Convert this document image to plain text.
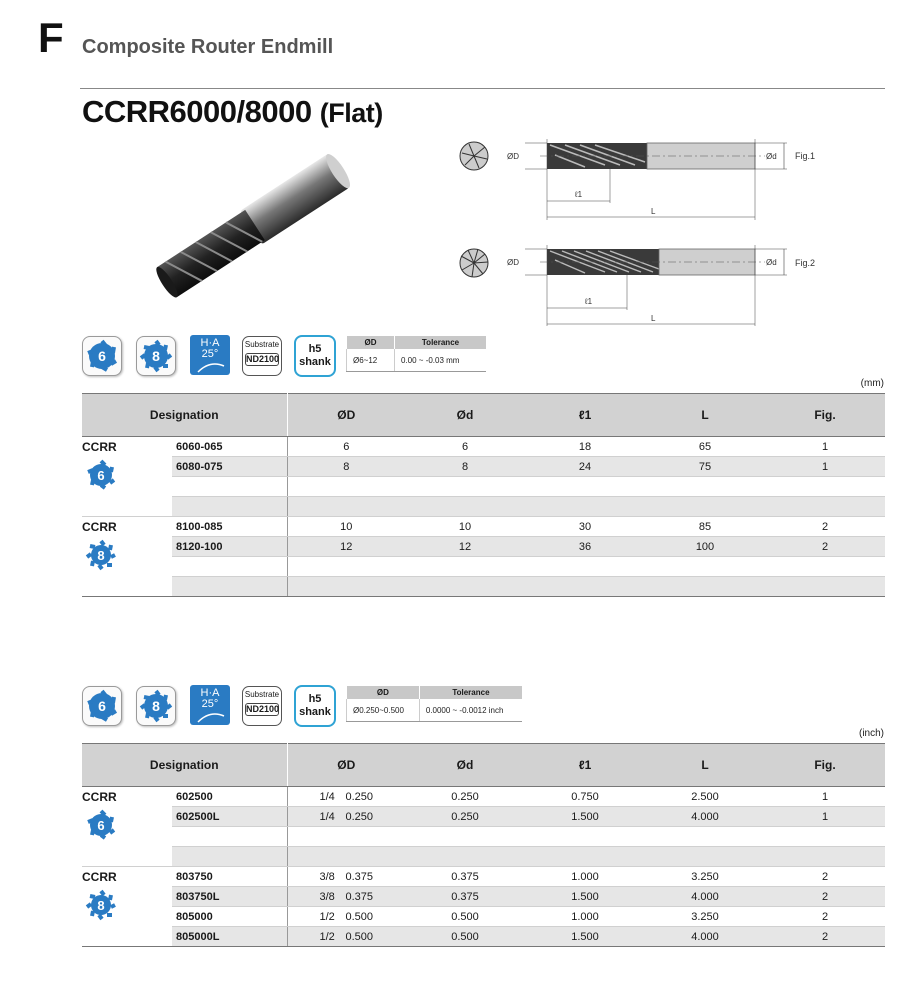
F Composite Router Endmill
CCRR6000/8000 (Flat)
ØD	Ød
ℓ1
L
Fig.1
ØD	Ød
ℓ1
L
Fig.2
6	8
H·A
25°
Substrate
ND2100
h5
shank
ØD	Tolerance
Ø6~12	0.00 ~ -0.03 mm
(mm)
Designation		ØD	Ød	ℓ1	L	Fig.

CCRR
6	6060-065	6	6	18	65	1
	6080-075	8	8	24	75	1

CCRR
8	8100-085	10	10	30	85	2
	8120-100	12	12	36	100	2

6	8
H·A
25°
Substrate
ND2100
h5
shank
ØD	Tolerance
Ø0.250~0.500	0.0000 ~ -0.0012 inch
(inch)
Designation		ØD	Ød	ℓ1	L	Fig.

CCRR
6	602500	1/4 0.250	0.250	0.750	2.500	1
	602500L	1/4 0.250	0.250	1.500	4.000	1

CCRR
8	803750	3/8 0.375	0.375	1.000	3.250	2
	803750L	3/8 0.375	0.375	1.500	4.000	2
	805000	1/2 0.500	0.500	1.000	3.250	2
	805000L	1/2 0.500	0.500	1.500	4.000	2
